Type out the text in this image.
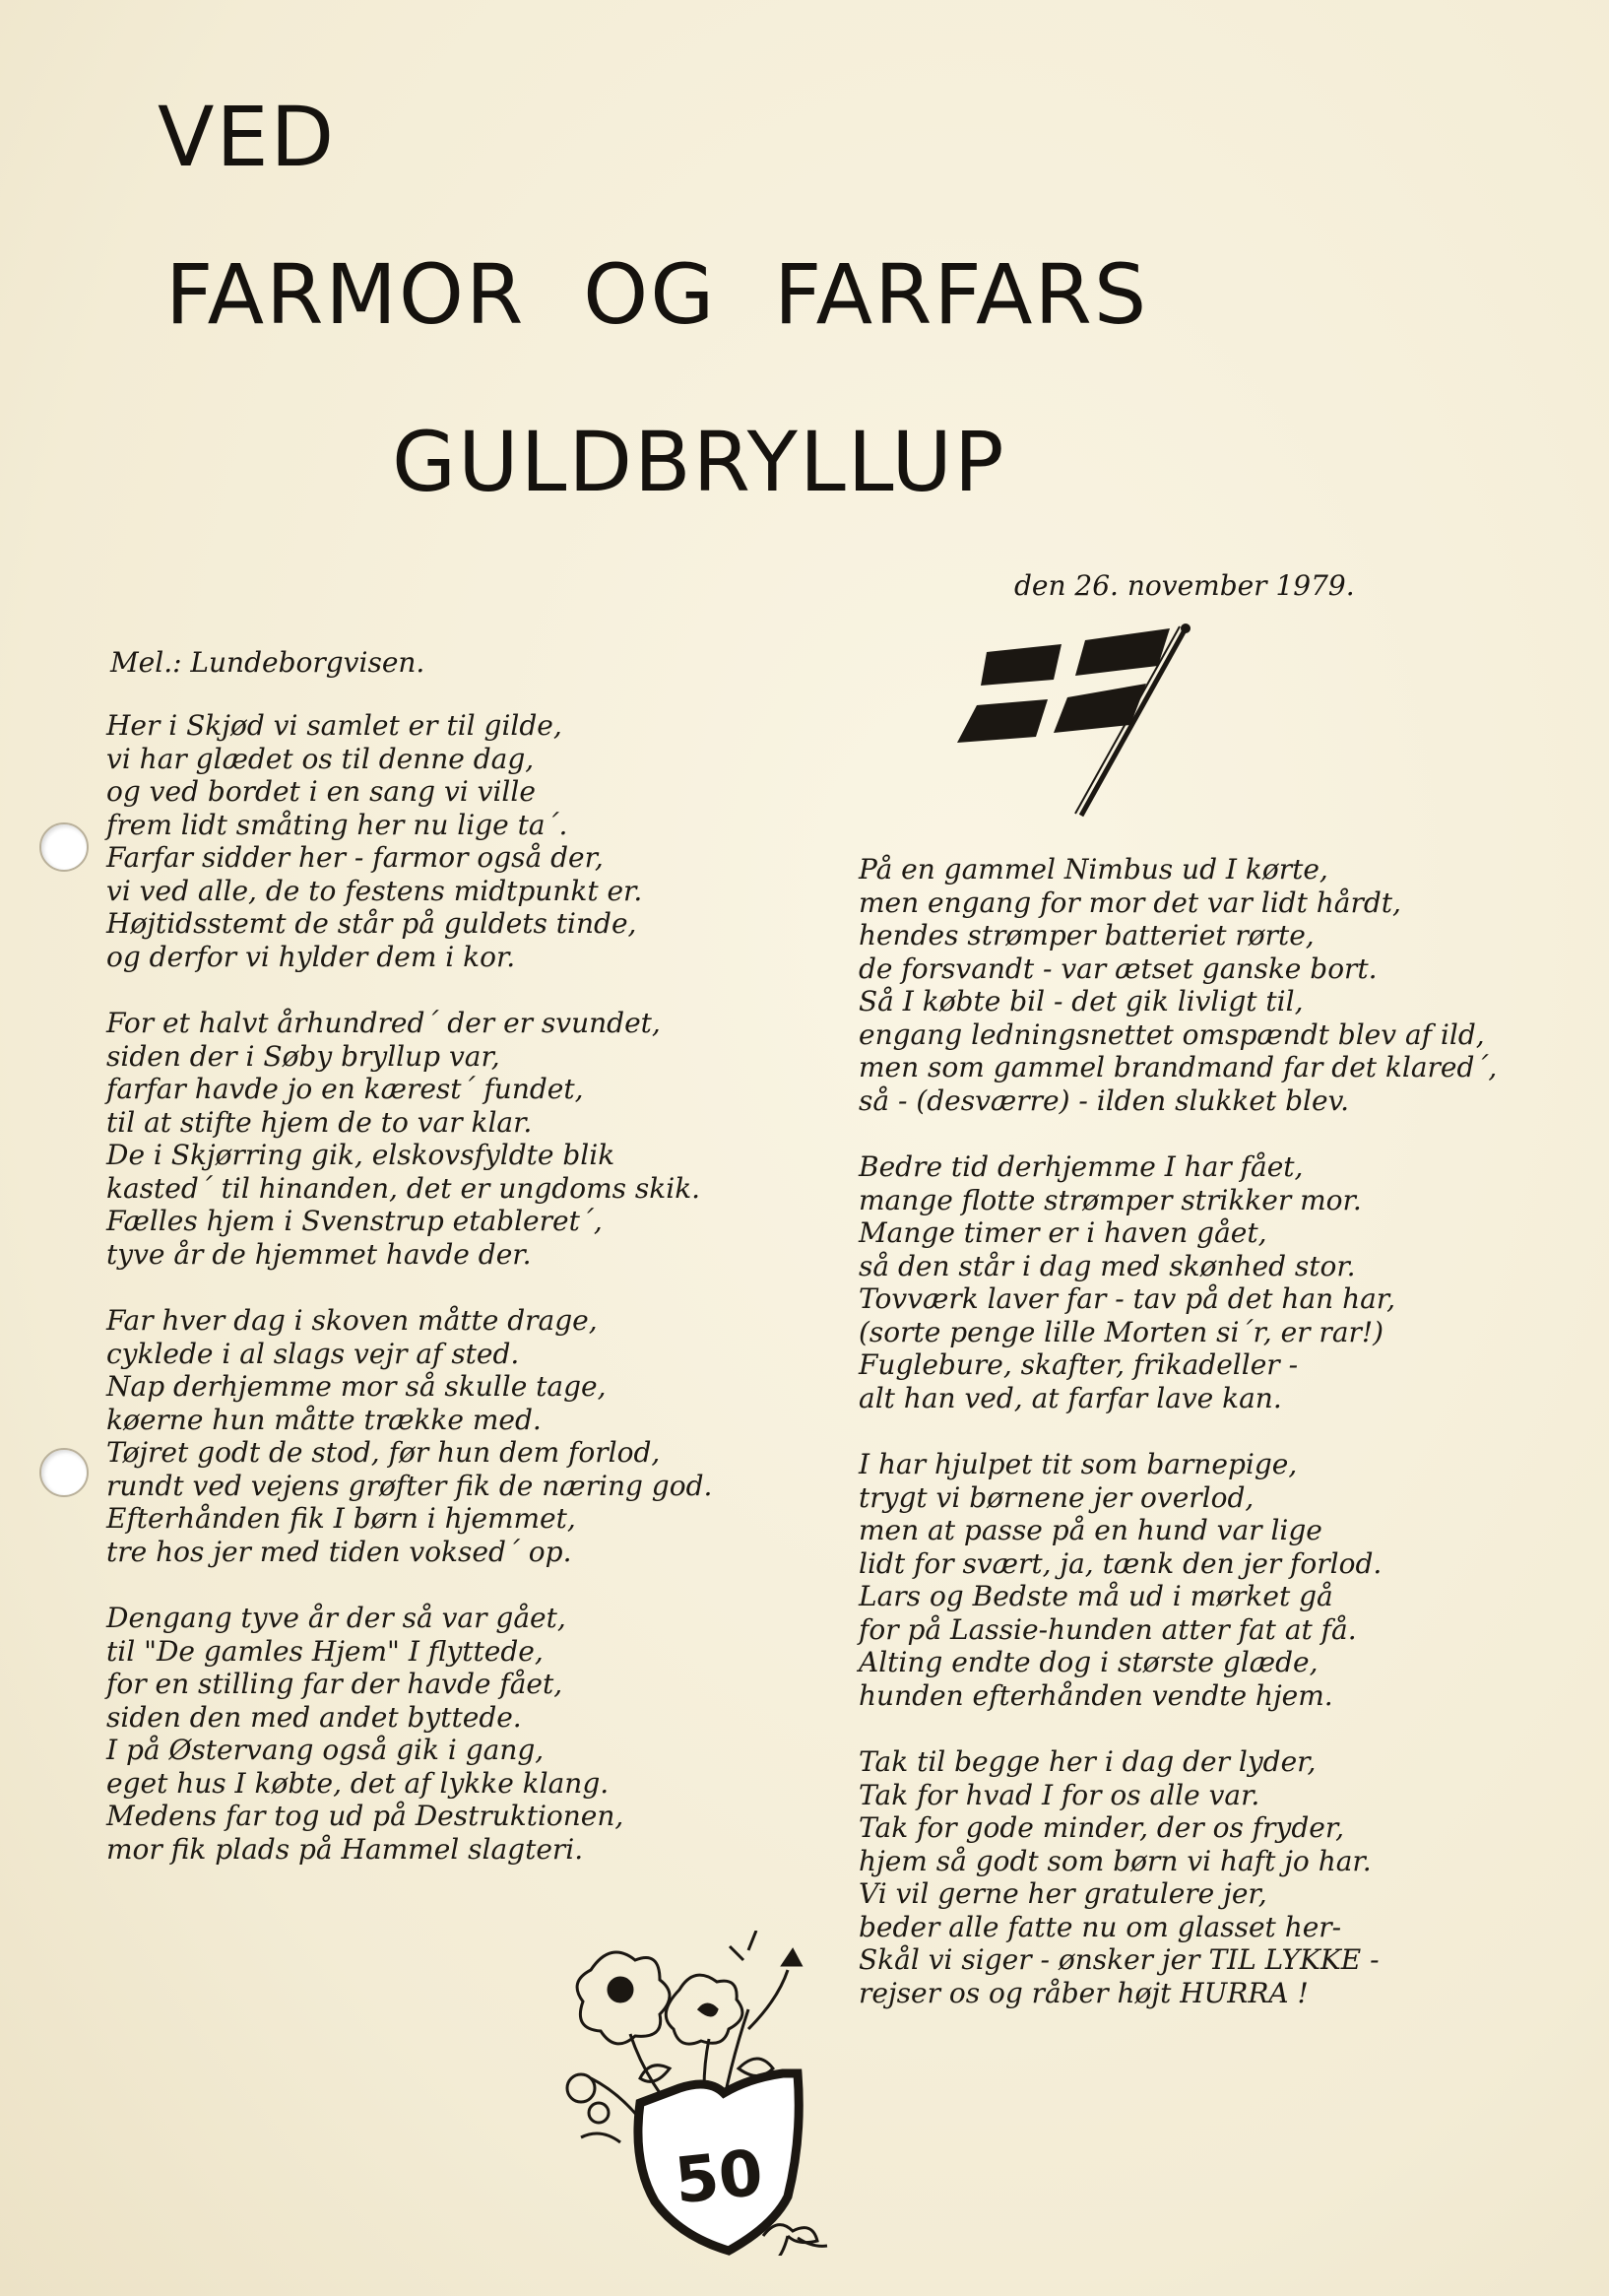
VED
FARMOR OG FARFARS
GULDBRYLLUP
den 26. november 1979.
Mel.: Lundeborgvisen.
Her i Skjød vi samlet er til gilde,
vi har glædet os til denne dag,
og ved bordet i en sang vi ville
frem lidt småting her nu lige ta´.
Farfar sidder her - farmor også der,
vi ved alle, de to festens midtpunkt er.
Højtidsstemt de står på guldets tinde,
og derfor vi hylder dem i kor.
For et halvt århundred´ der er svundet,
siden der i Søby bryllup var,
farfar havde jo en kærest´ fundet,
til at stifte hjem de to var klar.
De i Skjørring gik, elskovsfyldte blik
kasted´ til hinanden, det er ungdoms skik.
Fælles hjem i Svenstrup etableret´,
tyve år de hjemmet havde der.
Far hver dag i skoven måtte drage,
cyklede i al slags vejr af sted.
Nap derhjemme mor så skulle tage,
køerne hun måtte trække med.
Tøjret godt de stod, før hun dem forlod,
rundt ved vejens grøfter fik de næring god.
Efterhånden fik I børn i hjemmet,
tre hos jer med tiden voksed´ op.
Dengang tyve år der så var gået,
til "De gamles Hjem" I flyttede,
for en stilling far der havde fået,
siden den med andet byttede.
I på Østervang også gik i gang,
eget hus I købte, det af lykke klang.
Medens far tog ud på Destruktionen,
mor fik plads på Hammel slagteri.
På en gammel Nimbus ud I kørte,
men engang for mor det var lidt hårdt,
hendes strømper batteriet rørte,
de forsvandt - var ætset ganske bort.
Så I købte bil - det gik livligt til,
engang ledningsnettet omspændt blev af ild,
men som gammel brandmand far det klared´,
så - (desværre) - ilden slukket blev.
Bedre tid derhjemme I har fået,
mange flotte strømper strikker mor.
Mange timer er i haven gået,
så den står i dag med skønhed stor.
Tovværk laver far - tav på det han har,
(sorte penge lille Morten si´r, er rar!)
Fuglebure, skafter, frikadeller -
alt han ved, at farfar lave kan.
I har hjulpet tit som barnepige,
trygt vi børnene jer overlod,
men at passe på en hund var lige
lidt for svært, ja, tænk den jer forlod.
Lars og Bedste må ud i mørket gå
for på Lassie-hunden atter fat at få.
Alting endte dog i største glæde,
hunden efterhånden vendte hjem.
Tak til begge her i dag der lyder,
Tak for hvad I for os alle var.
Tak for gode minder, der os fryder,
hjem så godt som børn vi haft jo har.
Vi vil gerne her gratulere jer,
beder alle fatte nu om glasset her-
Skål vi siger - ønsker jer TIL LYKKE -
rejser os og råber højt HURRA !
50
